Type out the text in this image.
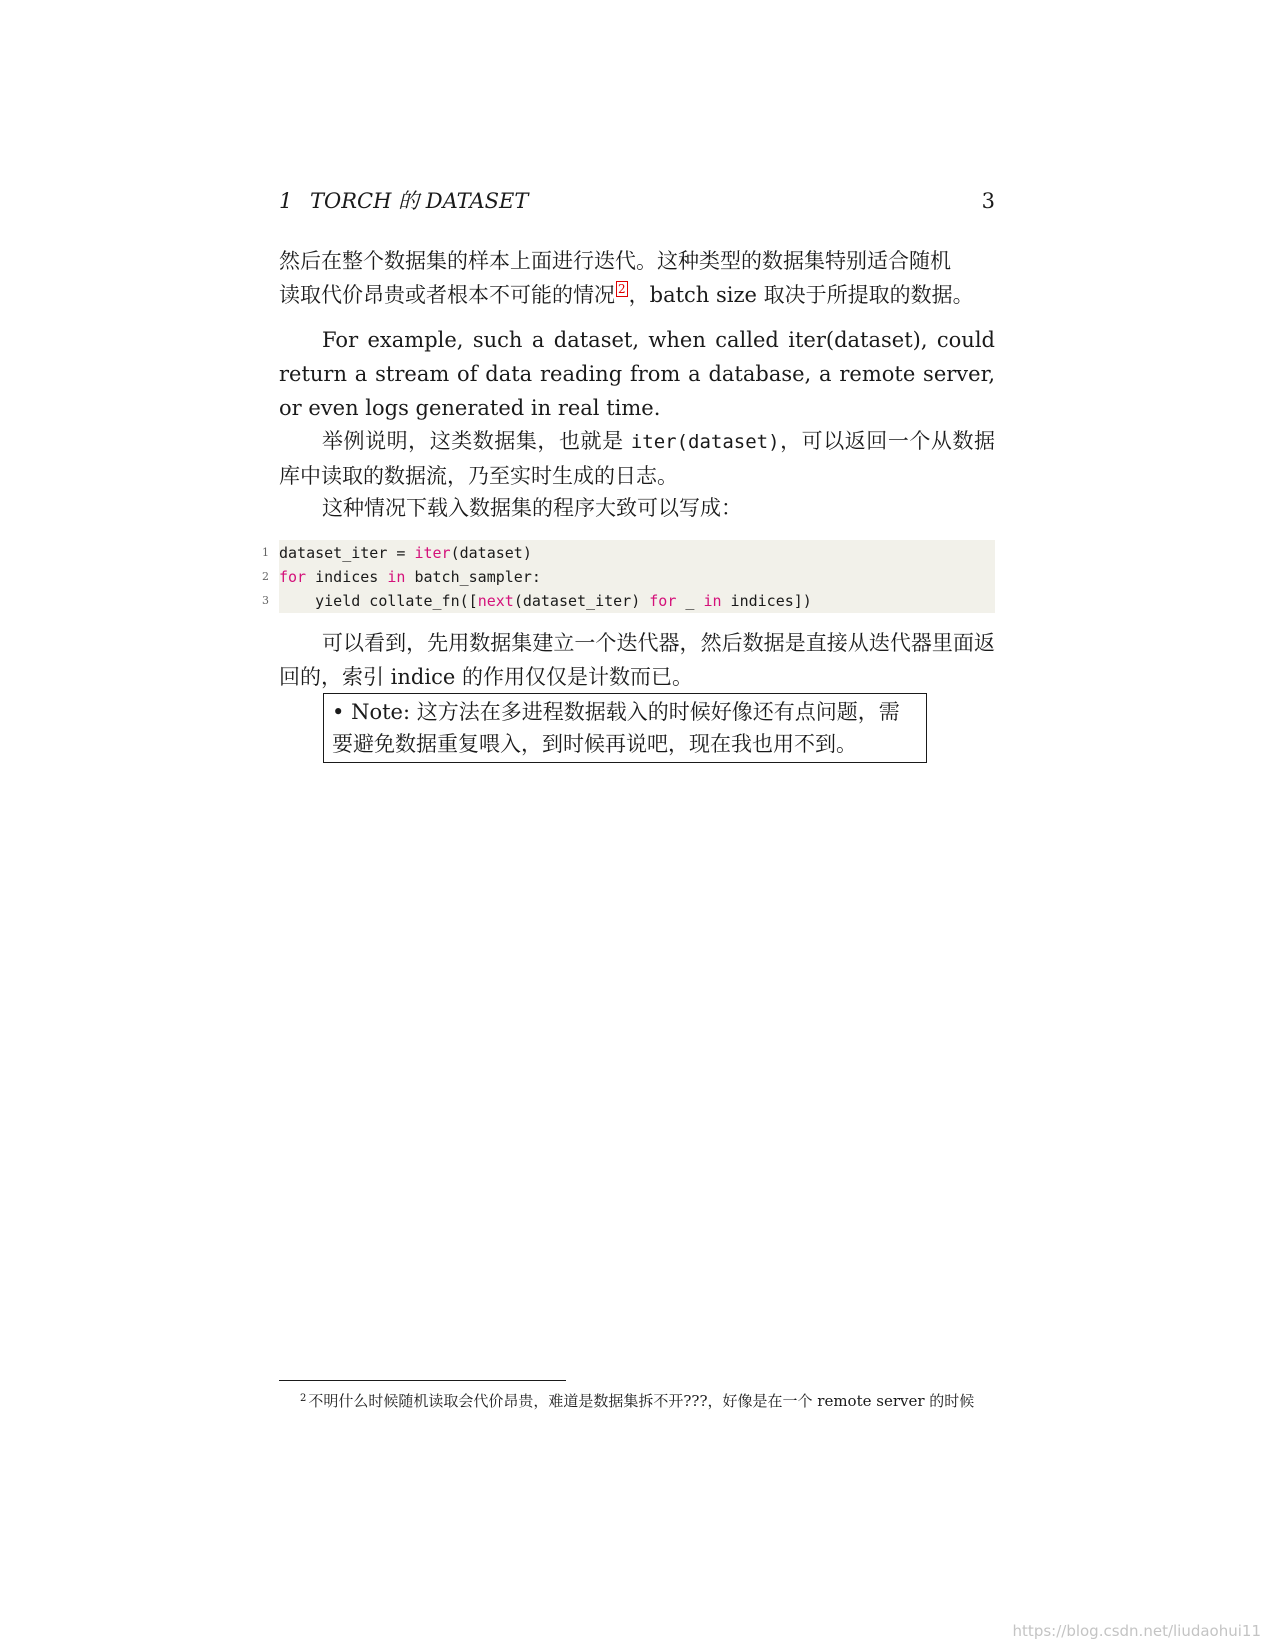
1 TORCH 的 DATASET	3

然后在整个数据集的样本上面进行迭代。这种类型的数据集特别适合随机

读取代价昂贵或者根本不可能的情况 2 ，batch size 取决于所提取的数据。

For example, such a dataset, when called iter(dataset), could return a stream of data reading from a database, a remote server, or even logs generated in real time.

举例说明，这类数据集，也就是 iter(dataset)，可以返回一个从数据库中读取的数据流，乃至实时生成的日志。

这种情况下载入数据集的程序大致可以写成：

1 dataset_iter = iter(dataset)
2 for indices in batch_sampler:
3 yield collate_fn([next(dataset_iter) for _ in indices])

可以看到，先用数据集建立一个迭代器，然后数据是直接从迭代器里面返回的，索引 indice 的作用仅仅是计数而已。

• Note: 这方法在多进程数据载入的时候好像还有点问题，需

要避免数据重复喂入，到时候再说吧，现在我也用不到。

$^2$ 不明什么时候随机读取会代价昂贵，难道是数据集拆不开???，好像是在一个 remote server 的时候
https://blog.csdn.net/liudaohui11
